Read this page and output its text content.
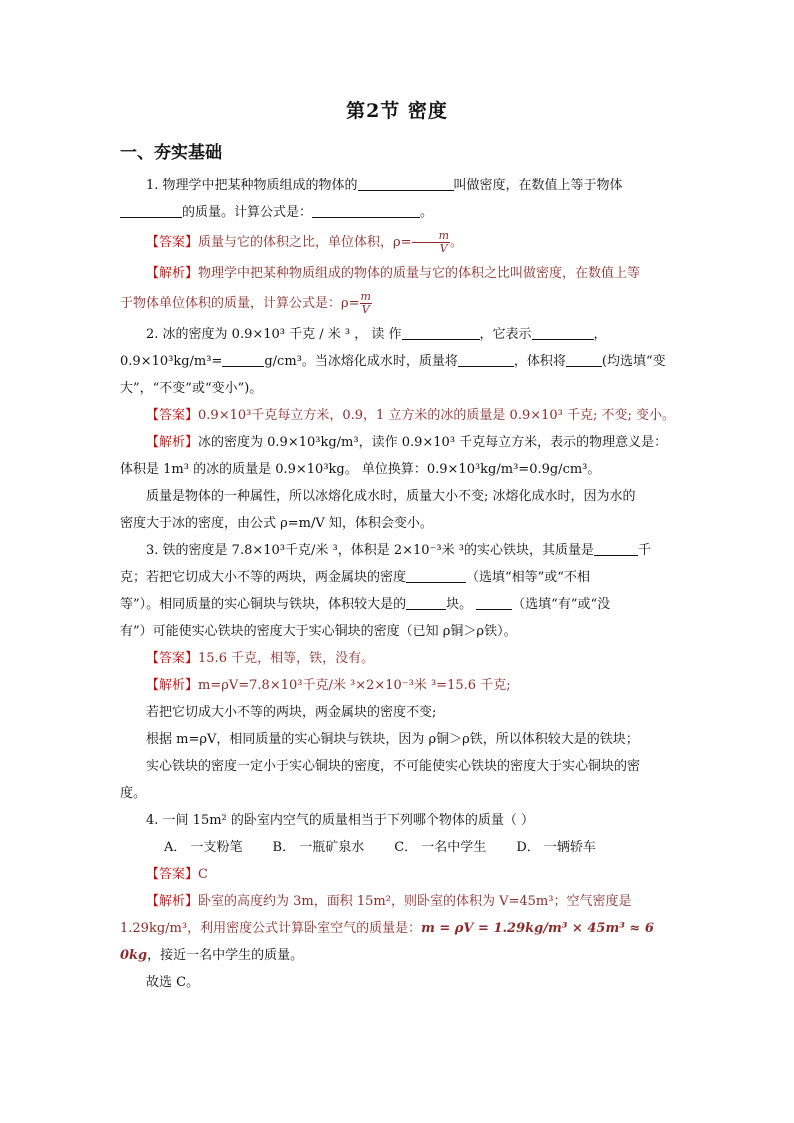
第2节 密度
一、夯实基础

1. 物理学中把某种物质组成的物体的	叫做密度，在数值上等于物体

的质量。计算公式是：	。

【答案】质量与它的体积之比，单位体积，$\rho= \frac{m}{V}$ 。

【解析】物理学中把某种物质组成的物体的质量与它的体积之比叫做密度，在数值上等

于物体单位体积的质量，计算公式是：$\rho= \frac{m}{V}$

2. 冰的密度为 0.9×10³ 千克 / 米 ³ ， 读 作	，它表示	，

0.9×10³kg/m³=	g/cm³。当冰熔化成水时，质量将	，体积将	(均选填“变

大”，“不变”或“变小”)。

【答案】0.9×10³千克每立方米，0.9，1 立方米的冰的质量是 0.9×10³ 千克; 不变; 变小。

【解析】冰的密度为 0.9×10³kg/m³，读作 0.9×10³ 千克每立方米，表示的物理意义是：

体积是 1m³ 的冰的质量是 0.9×10³kg。 单位换算：0.9×10³kg/m³=0.9g/cm³。

质量是物体的一种属性，所以冰熔化成水时，质量大小不变; 冰熔化成水时，因为水的

密度大于冰的密度，由公式 ρ=m/V 知，体积会变小。

3. 铁的密度是 7.8×10³千克/米 ³，体积是 2×10⁻³米 ³的实心铁块，其质量是	千

克；若把它切成大小不等的两块，两金属块的密度	（选填“相等”或“不相

等”）。相同质量的实心铜块与铁块，体积较大是的	块。	（选填“有”或“没

有”）可能使实心铁块的密度大于实心铜块的密度（已知 ρ铜＞ρ铁）。

【答案】15.6 千克，相等，铁，没有。

【解析】m=ρV=7.8×10³千克/米 ³×2×10⁻³米 ³=15.6 千克;

若把它切成大小不等的两块，两金属块的密度不变;

根据 m=ρV，相同质量的实心铜块与铁块，因为 ρ铜＞ρ铁，所以体积较大是的铁块；

实心铁块的密度一定小于实心铜块的密度，不可能使实心铁块的密度大于实心铜块的密

度。

4. 一间 15m² 的卧室内空气的质量相当于下列哪个物体的质量（ ）

A． 一支粉笔 B． 一瓶矿泉水 C． 一名中学生 D． 一辆轿车

【答案】C

【解析】卧室的高度约为 3m，面积 15m²，则卧室的体积为 V=45m³；空气密度是

1.29kg/m³，利用密度公式计算卧室空气的质量是：m = ρV = 1.29kg/m³ × 45m³ ≈ 6

0kg，接近一名中学生的质量。

故选 C。
